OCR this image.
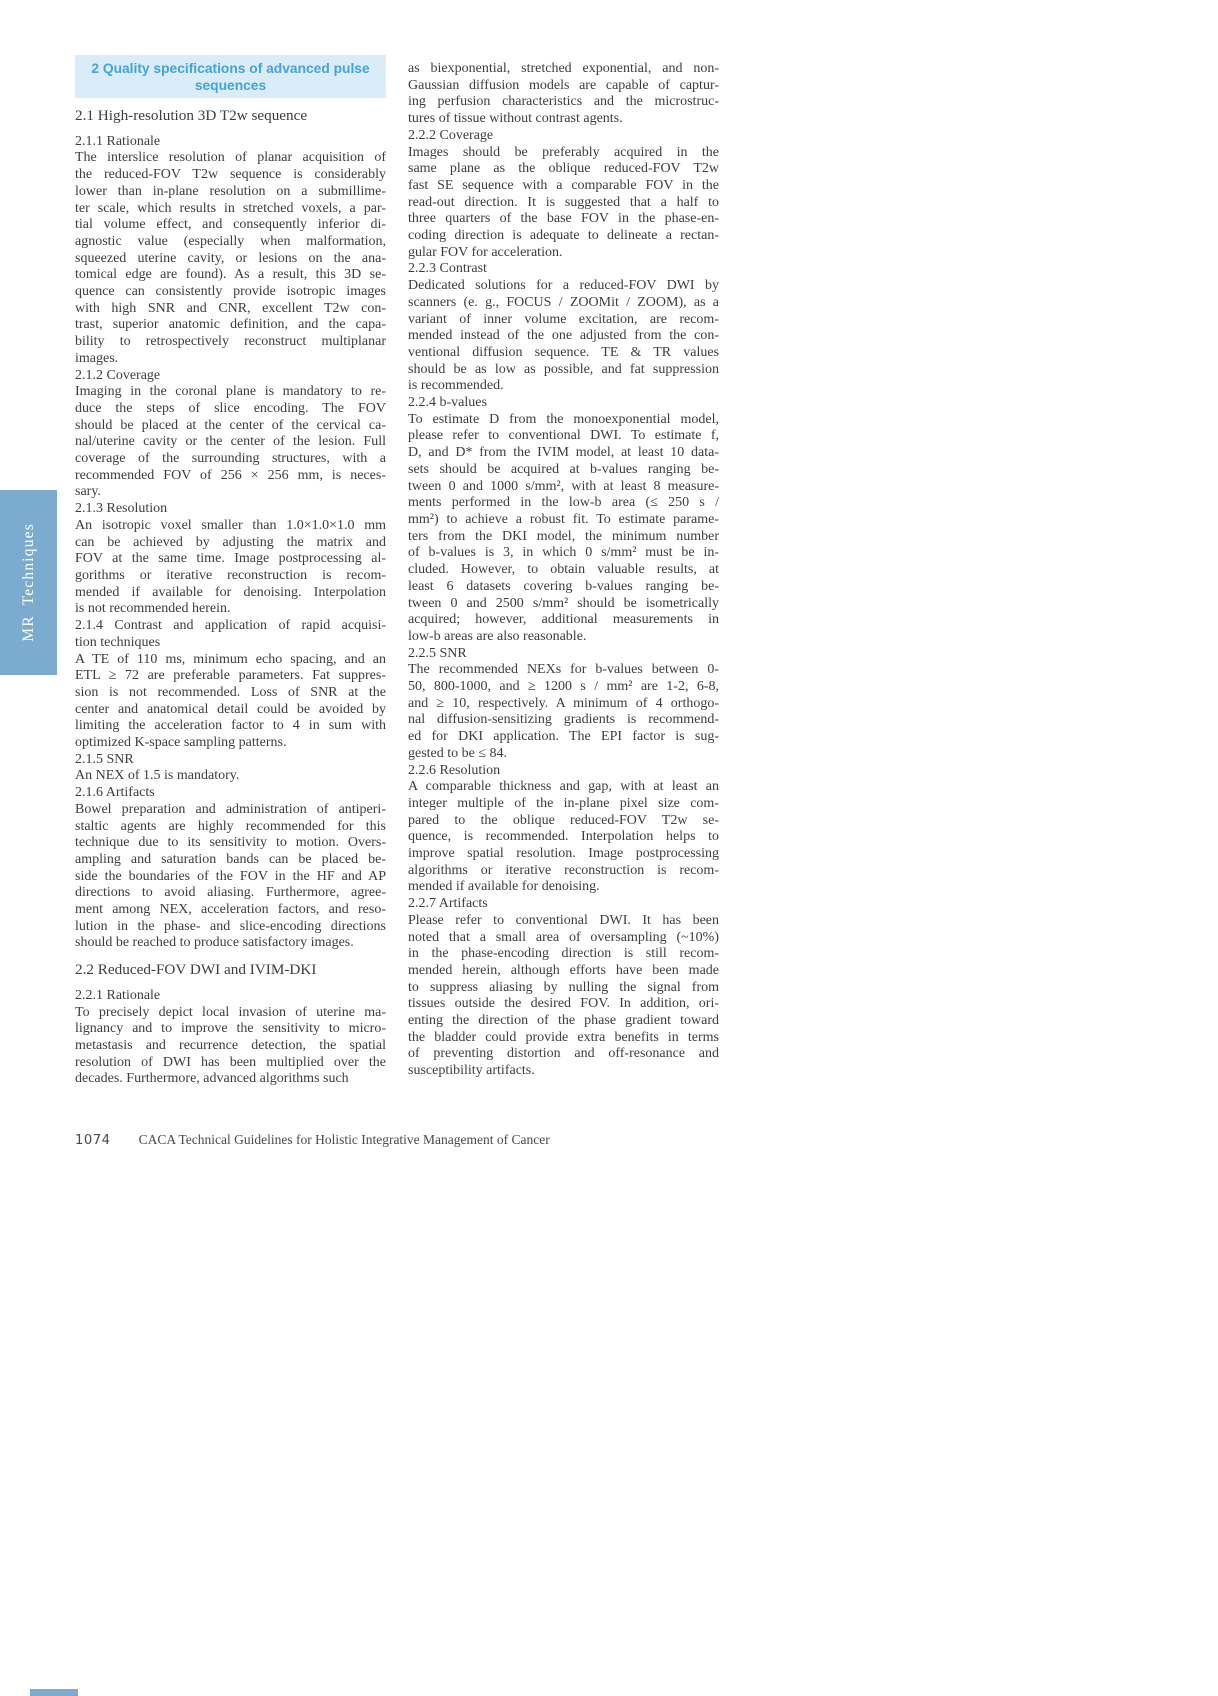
MR Techniques
2 Quality specifications of advanced pulse
sequences
2.1 High-resolution 3D T2w sequence
2.1.1 Rationale
The interslice resolution of planar acquisition of
the reduced-FOV T2w sequence is considerably
lower than in-plane resolution on a submillime-
ter scale, which results in stretched voxels, a par-
tial volume effect, and consequently inferior di-
agnostic value (especially when malformation,
squeezed uterine cavity, or lesions on the ana-
tomical edge are found). As a result, this 3D se-
quence can consistently provide isotropic images
with high SNR and CNR, excellent T2w con-
trast, superior anatomic definition, and the capa-
bility to retrospectively reconstruct multiplanar
images.
2.1.2 Coverage
Imaging in the coronal plane is mandatory to re-
duce the steps of slice encoding. The FOV
should be placed at the center of the cervical ca-
nal/uterine cavity or the center of the lesion. Full
coverage of the surrounding structures, with a
recommended FOV of 256 × 256 mm, is neces-
sary.
2.1.3 Resolution
An isotropic voxel smaller than 1.0×1.0×1.0 mm
can be achieved by adjusting the matrix and
FOV at the same time. Image postprocessing al-
gorithms or iterative reconstruction is recom-
mended if available for denoising. Interpolation
is not recommended herein.
2.1.4 Contrast and application of rapid acquisi-
tion techniques
A TE of 110 ms, minimum echo spacing, and an
ETL ≥ 72 are preferable parameters. Fat suppres-
sion is not recommended. Loss of SNR at the
center and anatomical detail could be avoided by
limiting the acceleration factor to 4 in sum with
optimized K-space sampling patterns.
2.1.5 SNR
An NEX of 1.5 is mandatory.
2.1.6 Artifacts
Bowel preparation and administration of antiperi-
staltic agents are highly recommended for this
technique due to its sensitivity to motion. Overs-
ampling and saturation bands can be placed be-
side the boundaries of the FOV in the HF and AP
directions to avoid aliasing. Furthermore, agree-
ment among NEX, acceleration factors, and reso-
lution in the phase- and slice-encoding directions
should be reached to produce satisfactory images.
2.2 Reduced-FOV DWI and IVIM-DKI
2.2.1 Rationale
To precisely depict local invasion of uterine ma-
lignancy and to improve the sensitivity to micro-
metastasis and recurrence detection, the spatial
resolution of DWI has been multiplied over the
decades. Furthermore, advanced algorithms such
as biexponential, stretched exponential, and non-
Gaussian diffusion models are capable of captur-
ing perfusion characteristics and the microstruc-
tures of tissue without contrast agents.
2.2.2 Coverage
Images should be preferably acquired in the
same plane as the oblique reduced-FOV T2w
fast SE sequence with a comparable FOV in the
read-out direction. It is suggested that a half to
three quarters of the base FOV in the phase-en-
coding direction is adequate to delineate a rectan-
gular FOV for acceleration.
2.2.3 Contrast
Dedicated solutions for a reduced-FOV DWI by
scanners (e. g., FOCUS / ZOOMit / ZOOM), as a
variant of inner volume excitation, are recom-
mended instead of the one adjusted from the con-
ventional diffusion sequence. TE & TR values
should be as low as possible, and fat suppression
is recommended.
2.2.4 b-values
To estimate D from the monoexponential model,
please refer to conventional DWI. To estimate f,
D, and D* from the IVIM model, at least 10 data-
sets should be acquired at b-values ranging be-
tween 0 and 1000 s/mm², with at least 8 measure-
ments performed in the low-b area (≤ 250 s /
mm²) to achieve a robust fit. To estimate parame-
ters from the DKI model, the minimum number
of b-values is 3, in which 0 s/mm² must be in-
cluded. However, to obtain valuable results, at
least 6 datasets covering b-values ranging be-
tween 0 and 2500 s/mm² should be isometrically
acquired; however, additional measurements in
low-b areas are also reasonable.
2.2.5 SNR
The recommended NEXs for b-values between 0-
50, 800-1000, and ≥ 1200 s / mm² are 1-2, 6-8,
and ≥ 10, respectively. A minimum of 4 orthogo-
nal diffusion-sensitizing gradients is recommend-
ed for DKI application. The EPI factor is sug-
gested to be ≤ 84.
2.2.6 Resolution
A comparable thickness and gap, with at least an
integer multiple of the in-plane pixel size com-
pared to the oblique reduced-FOV T2w se-
quence, is recommended. Interpolation helps to
improve spatial resolution. Image postprocessing
algorithms or iterative reconstruction is recom-
mended if available for denoising.
2.2.7 Artifacts
Please refer to conventional DWI. It has been
noted that a small area of oversampling (~10%)
in the phase-encoding direction is still recom-
mended herein, although efforts have been made
to suppress aliasing by nulling the signal from
tissues outside the desired FOV. In addition, ori-
enting the direction of the phase gradient toward
the bladder could provide extra benefits in terms
of preventing distortion and off-resonance and
susceptibility artifacts.
1074 CACA Technical Guidelines for Holistic Integrative Management of Cancer
